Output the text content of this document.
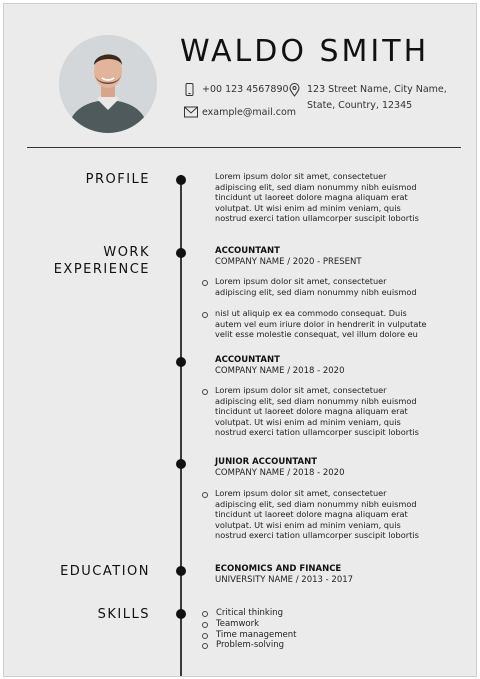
WALDO SMITH
+00 123 4567890
example@mail.com
123 Street Name, City Name,
State, Country, 12345
PROFILE
WORK
EXPERIENCE
EDUCATION
SKILLS
Lorem ipsum dolor sit amet, consectetuer
adipiscing elit, sed diam nonummy nibh euismod
tincidunt ut laoreet dolore magna aliquam erat
volutpat. Ut wisi enim ad minim veniam, quis
nostrud exerci tation ullamcorper suscipit lobortis
ACCOUNTANT
COMPANY NAME / 2020 - PRESENT
Lorem ipsum dolor sit amet, consectetuer
adipiscing elit, sed diam nonummy nibh euismod
nisl ut aliquip ex ea commodo consequat. Duis
autem vel eum iriure dolor in hendrerit in vulputate
velit esse molestie consequat, vel illum dolore eu
ACCOUNTANT
COMPANY NAME / 2018 - 2020
Lorem ipsum dolor sit amet, consectetuer
adipiscing elit, sed diam nonummy nibh euismod
tincidunt ut laoreet dolore magna aliquam erat
volutpat. Ut wisi enim ad minim veniam, quis
nostrud exerci tation ullamcorper suscipit lobortis
JUNIOR ACCOUNTANT
COMPANY NAME / 2018 - 2020
Lorem ipsum dolor sit amet, consectetuer
adipiscing elit, sed diam nonummy nibh euismod
tincidunt ut laoreet dolore magna aliquam erat
volutpat. Ut wisi enim ad minim veniam, quis
nostrud exerci tation ullamcorper suscipit lobortis
ECONOMICS AND FINANCE
UNIVERSITY NAME / 2013 - 2017
Critical thinking
Teamwork
Time management
Problem-solving
